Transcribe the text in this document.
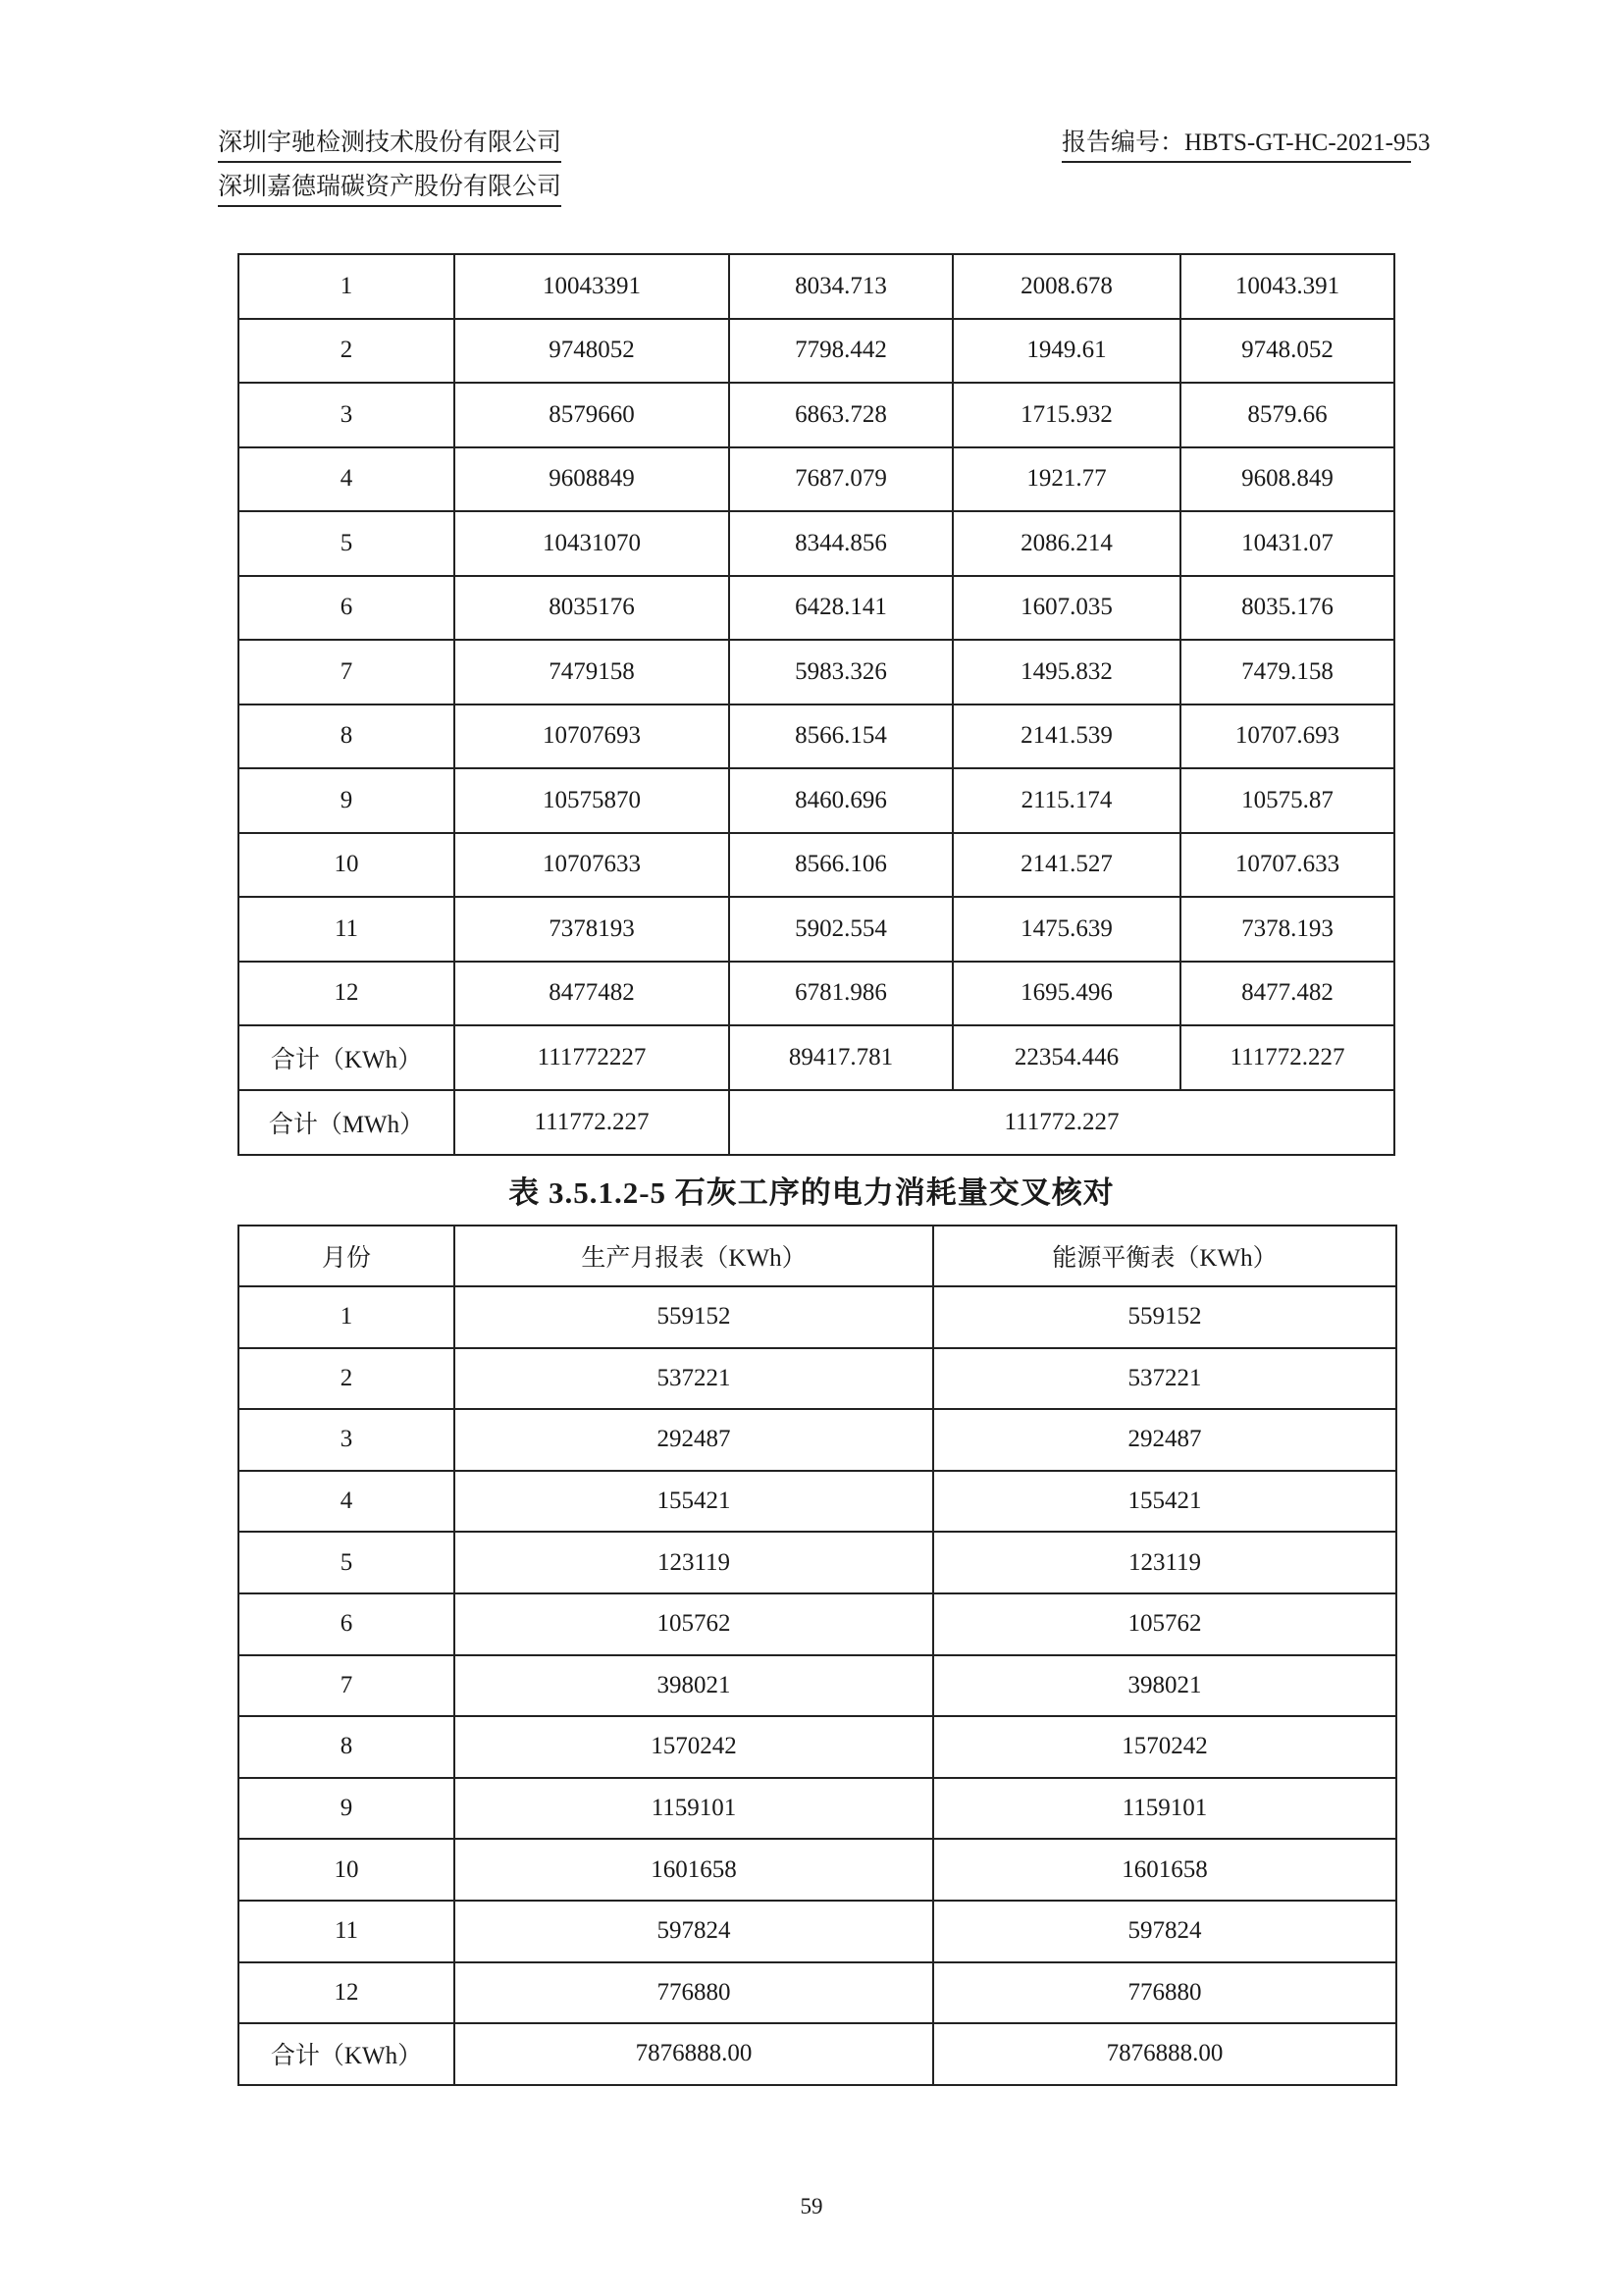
深圳宇驰检测技术股份有限公司	报告编号：HBTS-GT-HC-2021-953
深圳嘉德瑞碳资产股份有限公司
1	10043391	8034.713	2008.678	10043.391
2	9748052	7798.442	1949.61	9748.052
3	8579660	6863.728	1715.932	8579.66
4	9608849	7687.079	1921.77	9608.849
5	10431070	8344.856	2086.214	10431.07
6	8035176	6428.141	1607.035	8035.176
7	7479158	5983.326	1495.832	7479.158
8	10707693	8566.154	2141.539	10707.693
9	10575870	8460.696	2115.174	10575.87
10	10707633	8566.106	2141.527	10707.633
11	7378193	5902.554	1475.639	7378.193
12	8477482	6781.986	1695.496	8477.482
合计（KWh）	111772227	89417.781	22354.446	111772.227
合计（MWh）	111772.227	111772.227		
表 3.5.1.2-5 石灰工序的电力消耗量交叉核对
月份	生产月报表（KWh）	能源平衡表（KWh）
1	559152	559152
2	537221	537221
3	292487	292487
4	155421	155421
5	123119	123119
6	105762	105762
7	398021	398021
8	1570242	1570242
9	1159101	1159101
10	1601658	1601658
11	597824	597824
12	776880	776880
合计（KWh）	7876888.00	7876888.00
59
